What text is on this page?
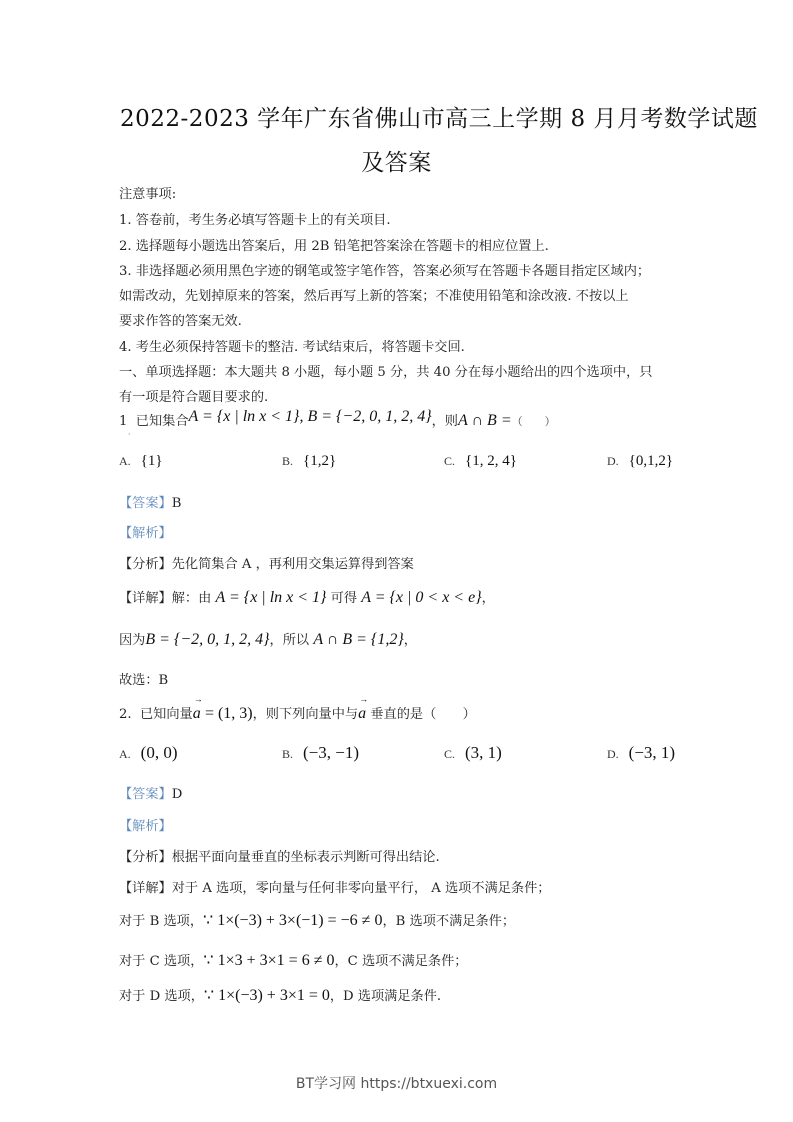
2022-2023 学年广东省佛山市高三上学期 8 月月考数学试题
及答案
注意事项:
1. 答卷前，考生务必填写答题卡上的有关项目.
2. 选择题每小题选出答案后，用 2B 铅笔把答案涂在答题卡的相应位置上.
3. 非选择题必须用黑色字迹的钢笔或签字笔作答，答案必须写在答题卡各题目指定区域内；
如需改动，先划掉原来的答案，然后再写上新的答案；不准使用铅笔和涂改液. 不按以上
要求作答的答案无效.
4. 考生必须保持答题卡的整洁. 考试结束后，将答题卡交回.
一、单项选择题：本大题共 8 小题，每小题 5 分，共 40 分在每小题给出的四个选项中，只
有一项是符合题目要求的.
1 已知集合A = {x | ln x < 1}, B = {−2, 0, 1, 2, 4}，则A ∩ B =（　　）
·
A. {1}	B. {1,2}	C. {1, 2, 4}	D. {0,1,2}
【答案】B
【解析】
【分析】先化简集合 A ，再利用交集运算得到答案
【详解】解：由 A = {x | ln x < 1} 可得 A = {x | 0 < x < e}，
因为B = {−2, 0, 1, 2, 4}，所以 A ∩ B = {1,2}，
故选：B
2. 已知向量→ a = (1, 3)，则下列向量中与→ a 垂直的是（　　）
A. (0, 0)	B. (−3, −1)	C. (3, 1)	D. (−3, 1)
【答案】D
【解析】
【分析】根据平面向量垂直的坐标表示判断可得出结论.
【详解】对于 A 选项，零向量与任何非零向量平行， A 选项不满足条件；
对于 B 选项，∵ 1×(−3) + 3×(−1) = −6 ≠ 0，B 选项不满足条件；
对于 C 选项，∵ 1×3 + 3×1 = 6 ≠ 0，C 选项不满足条件；
对于 D 选项，∵ 1×(−3) + 3×1 = 0，D 选项满足条件.
BT学习网 https://btxuexi.com
